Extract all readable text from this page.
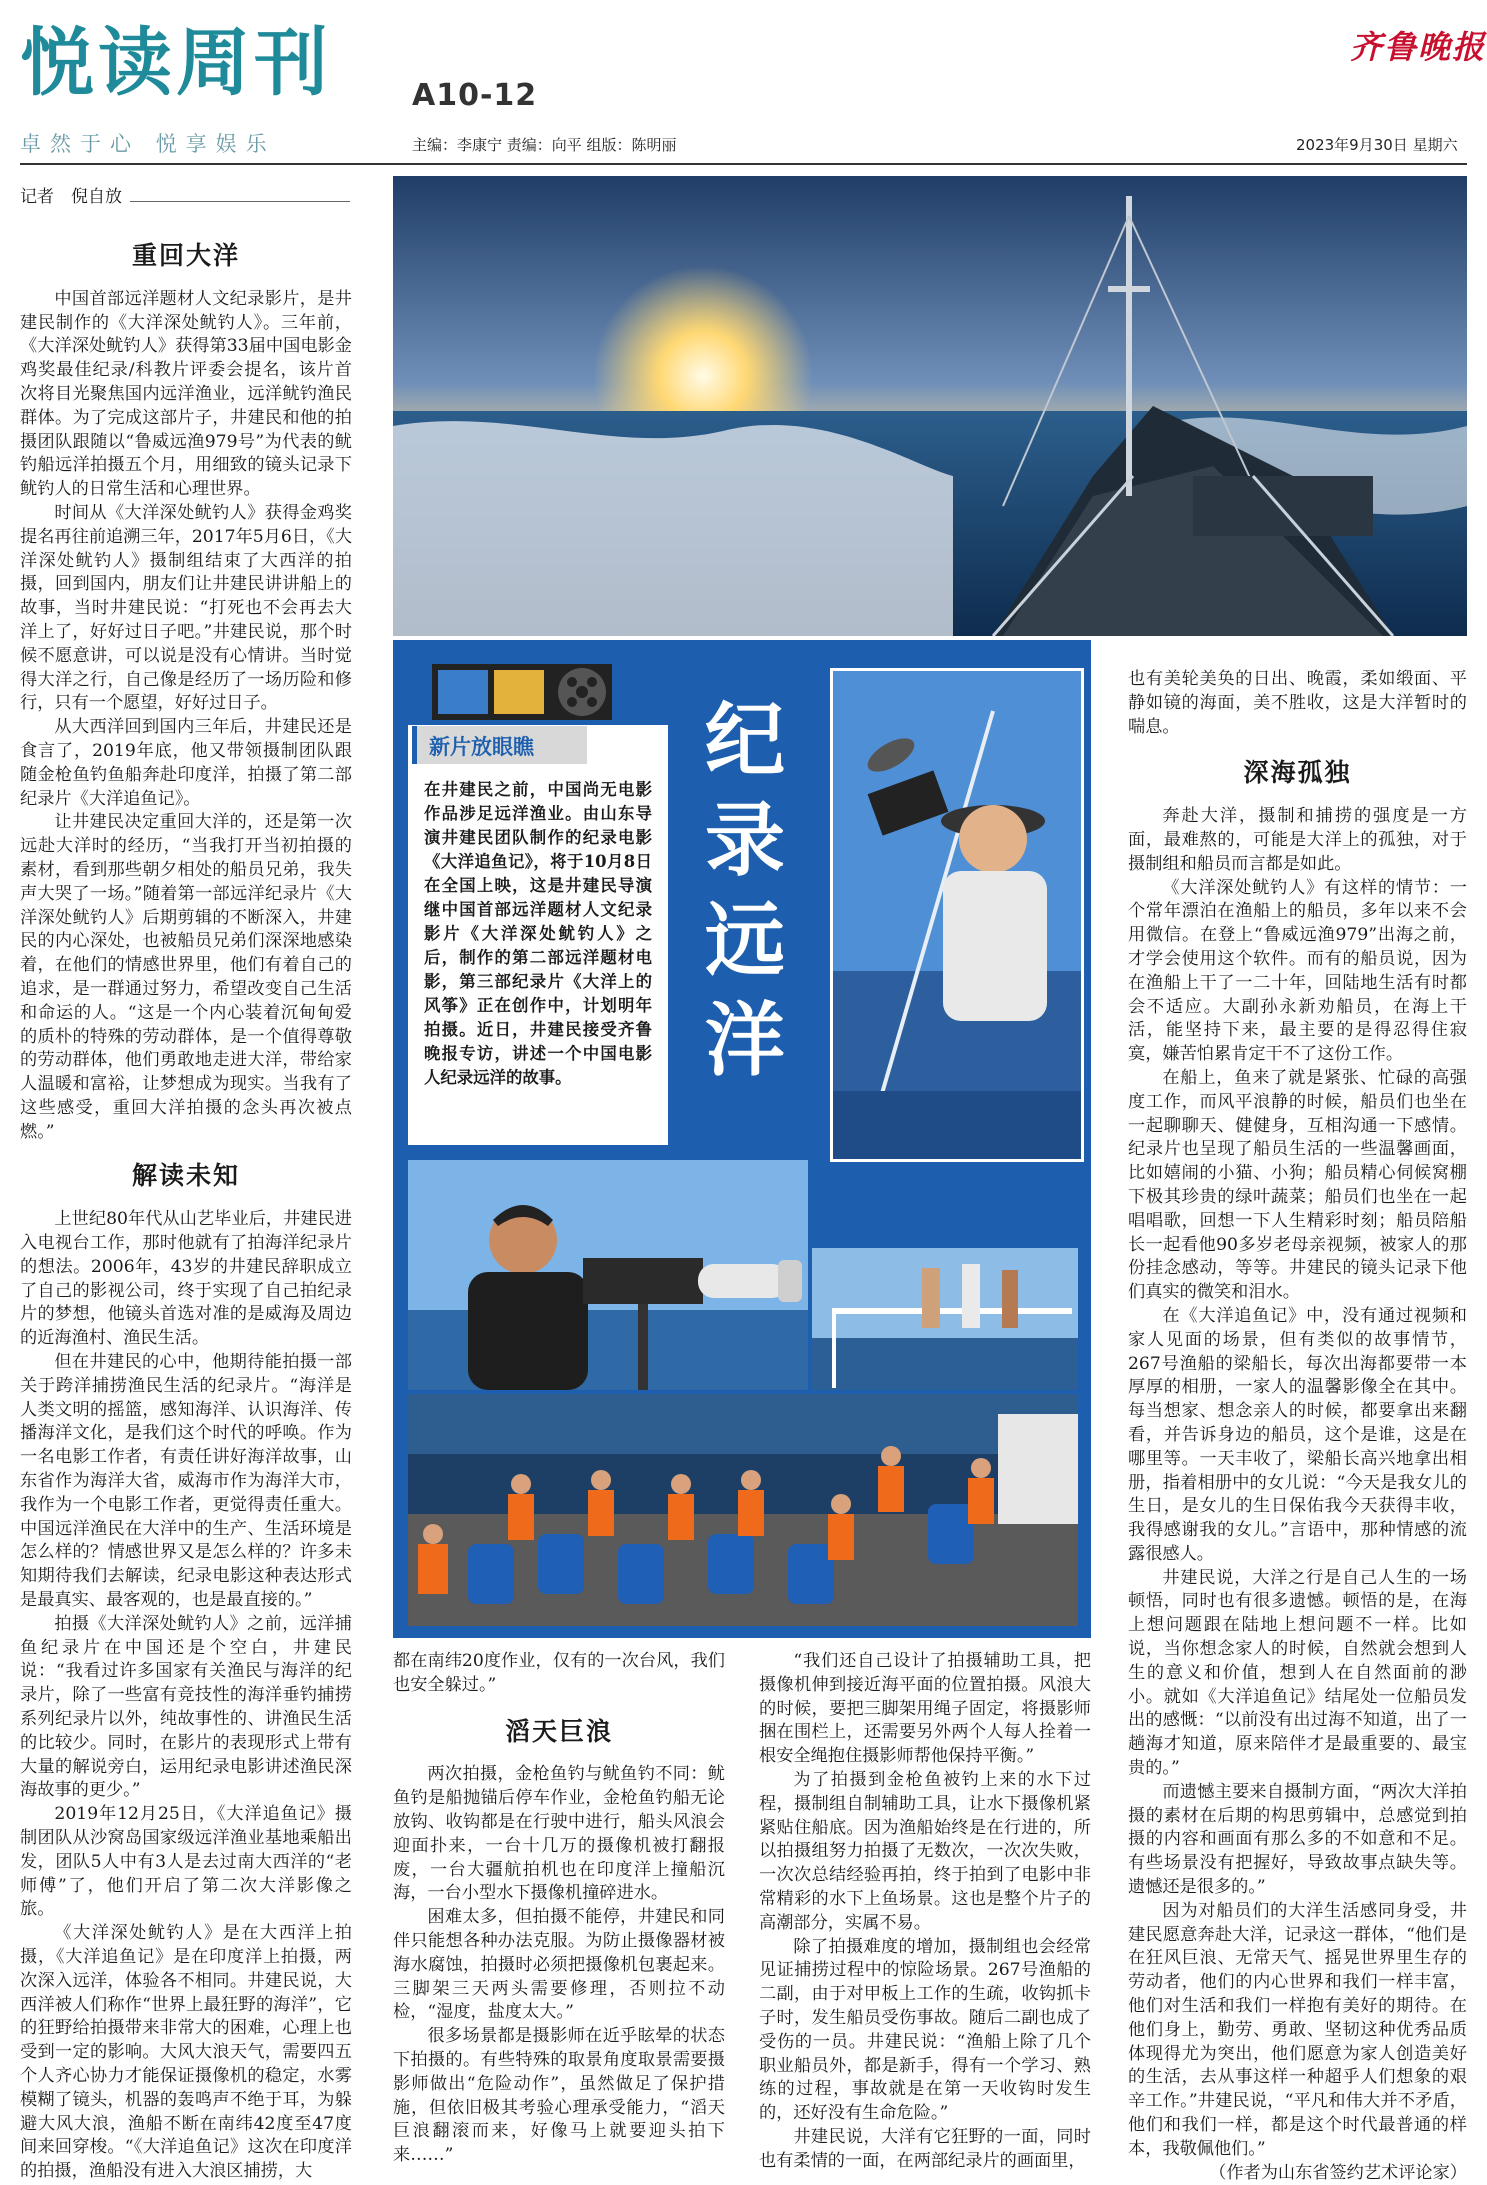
悦读周刊
卓然于心 悦享娱乐
A10-12
主编：李康宁 责编：向平 组版：陈明丽	2023年9月30日 星期六
齐鲁晚报
记者　倪自放
重回大洋

中国首部远洋题材人文纪录影片，是井建民制作的《大洋深处鱿钓人》。三年前，《大洋深处鱿钓人》获得第33届中国电影金鸡奖最佳纪录/科教片评委会提名，该片首次将目光聚焦国内远洋渔业，远洋鱿钓渔民群体。为了完成这部片子，井建民和他的拍摄团队跟随以“鲁威远渔979号”为代表的鱿钓船远洋拍摄五个月，用细致的镜头记录下鱿钓人的日常生活和心理世界。

时间从《大洋深处鱿钓人》获得金鸡奖提名再往前追溯三年，2017年5月6日，《大洋深处鱿钓人》摄制组结束了大西洋的拍摄，回到国内，朋友们让井建民讲讲船上的故事，当时井建民说：“打死也不会再去大洋上了，好好过日子吧。”井建民说，那个时候不愿意讲，可以说是没有心情讲。当时觉得大洋之行，自己像是经历了一场历险和修行，只有一个愿望，好好过日子。

从大西洋回到国内三年后，井建民还是食言了，2019年底，他又带领摄制团队跟随金枪鱼钓鱼船奔赴印度洋，拍摄了第二部纪录片《大洋追鱼记》。

让井建民决定重回大洋的，还是第一次远赴大洋时的经历，“当我打开当初拍摄的素材，看到那些朝夕相处的船员兄弟，我失声大哭了一场。”随着第一部远洋纪录片《大洋深处鱿钓人》后期剪辑的不断深入，井建民的内心深处，也被船员兄弟们深深地感染着，在他们的情感世界里，他们有着自己的追求，是一群通过努力，希望改变自己生活和命运的人。“这是一个内心装着沉甸甸爱的质朴的特殊的劳动群体，是一个值得尊敬的劳动群体，他们勇敢地走进大洋，带给家人温暖和富裕，让梦想成为现实。当我有了这些感受，重回大洋拍摄的念头再次被点燃。”

解读未知

上世纪80年代从山艺毕业后，井建民进入电视台工作，那时他就有了拍海洋纪录片的想法。2006年，43岁的井建民辞职成立了自己的影视公司，终于实现了自己拍纪录片的梦想，他镜头首选对准的是威海及周边的近海渔村、渔民生活。

但在井建民的心中，他期待能拍摄一部关于跨洋捕捞渔民生活的纪录片。“海洋是人类文明的摇篮，感知海洋、认识海洋、传播海洋文化，是我们这个时代的呼唤。作为一名电影工作者，有责任讲好海洋故事，山东省作为海洋大省，威海市作为海洋大市，我作为一个电影工作者，更觉得责任重大。中国远洋渔民在大洋中的生产、生活环境是怎么样的？情感世界又是怎么样的？许多未知期待我们去解读，纪录电影这种表达形式是最真实、最客观的，也是最直接的。”

拍摄《大洋深处鱿钓人》之前，远洋捕鱼纪录片在中国还是个空白，井建民说：“我看过许多国家有关渔民与海洋的纪录片，除了一些富有竞技性的海洋垂钓捕捞系列纪录片以外，纯故事性的、讲渔民生活的比较少。同时，在影片的表现形式上带有大量的解说旁白，运用纪录电影讲述渔民深海故事的更少。”

2019年12月25日，《大洋追鱼记》摄制团队从沙窝岛国家级远洋渔业基地乘船出发，团队5人中有3人是去过南大西洋的“老师傅”了，他们开启了第二次大洋影像之旅。

《大洋深处鱿钓人》是在大西洋上拍摄，《大洋追鱼记》是在印度洋上拍摄，两次深入远洋，体验各不相同。井建民说，大西洋被人们称作“世界上最狂野的海洋”，它的狂野给拍摄带来非常大的困难，心理上也受到一定的影响。大风大浪天气，需要四五个人齐心协力才能保证摄像机的稳定，水雾模糊了镜头，机器的轰鸣声不绝于耳，为躲避大风大浪，渔船不断在南纬42度至47度间来回穿梭。“《大洋追鱼记》这次在印度洋的拍摄，渔船没有进入大浪区捕捞，大

新片放眼瞧
在井建民之前，中国尚无电影作品涉足远洋渔业。由山东导演井建民团队制作的纪录电影《大洋追鱼记》，将于10月8日在全国上映，这是井建民导演继中国首部远洋题材人文纪录影片《大洋深处鱿钓人》之后，制作的第二部远洋题材电影，第三部纪录片《大洋上的风筝》正在创作中，计划明年拍摄。近日，井建民接受齐鲁晚报专访，讲述一个中国电影人纪录远洋的故事。
纪录远洋

都在南纬20度作业，仅有的一次台风，我们也安全躲过。”

滔天巨浪

两次拍摄，金枪鱼钓与鱿鱼钓不同：鱿鱼钓是船抛锚后停车作业，金枪鱼钓船无论放钩、收钩都是在行驶中进行，船头风浪会迎面扑来，一台十几万的摄像机被打翻报废，一台大疆航拍机也在印度洋上撞船沉海，一台小型水下摄像机撞碎进水。

困难太多，但拍摄不能停，井建民和同伴只能想各种办法克服。为防止摄像器材被海水腐蚀，拍摄时必须把摄像机包裹起来。三脚架三天两头需要修理，否则拉不动检，“湿度，盐度太大。”

很多场景都是摄影师在近乎眩晕的状态下拍摄的。有些特殊的取景角度取景需要摄影师做出“危险动作”，虽然做足了保护措施，但依旧极其考验心理承受能力，“滔天巨浪翻滚而来，好像马上就要迎头拍下来……”

“我们还自己设计了拍摄辅助工具，把摄像机伸到接近海平面的位置拍摄。风浪大的时候，要把三脚架用绳子固定，将摄影师捆在围栏上，还需要另外两个人每人拴着一根安全绳抱住摄影师帮他保持平衡。”

为了拍摄到金枪鱼被钓上来的水下过程，摄制组自制辅助工具，让水下摄像机紧紧贴住船底。因为渔船始终是在行进的，所以拍摄组努力拍摄了无数次，一次次失败，一次次总结经验再拍，终于拍到了电影中非常精彩的水下上鱼场景。这也是整个片子的高潮部分，实属不易。

除了拍摄难度的增加，摄制组也会经常见证捕捞过程中的惊险场景。267号渔船的二副，由于对甲板上工作的生疏，收钩抓卡子时，发生船员受伤事故。随后二副也成了受伤的一员。井建民说：“渔船上除了几个职业船员外，都是新手，得有一个学习、熟练的过程，事故就是在第一天收钩时发生的，还好没有生命危险。”

井建民说，大洋有它狂野的一面，同时也有柔情的一面，在两部纪录片的画面里，

也有美轮美奂的日出、晚霞，柔如缎面、平静如镜的海面，美不胜收，这是大洋暂时的喘息。

深海孤独

奔赴大洋，摄制和捕捞的强度是一方面，最难熬的，可能是大洋上的孤独，对于摄制组和船员而言都是如此。

《大洋深处鱿钓人》有这样的情节：一个常年漂泊在渔船上的船员，多年以来不会用微信。在登上“鲁威远渔979”出海之前，才学会使用这个软件。而有的船员说，因为在渔船上干了一二十年，回陆地生活有时都会不适应。大副孙永新劝船员，在海上干活，能坚持下来，最主要的是得忍得住寂寞，嫌苦怕累肯定干不了这份工作。

在船上，鱼来了就是紧张、忙碌的高强度工作，而风平浪静的时候，船员们也坐在一起聊聊天、健健身，互相沟通一下感情。纪录片也呈现了船员生活的一些温馨画面，比如嬉闹的小猫、小狗；船员精心伺候窝棚下极其珍贵的绿叶蔬菜；船员们也坐在一起唱唱歌，回想一下人生精彩时刻；船员陪船长一起看他90多岁老母亲视频，被家人的那份挂念感动，等等。井建民的镜头记录下他们真实的微笑和泪水。

在《大洋追鱼记》中，没有通过视频和家人见面的场景，但有类似的故事情节，267号渔船的梁船长，每次出海都要带一本厚厚的相册，一家人的温馨影像全在其中。每当想家、想念亲人的时候，都要拿出来翻看，并告诉身边的船员，这个是谁，这是在哪里等。一天丰收了，梁船长高兴地拿出相册，指着相册中的女儿说：“今天是我女儿的生日，是女儿的生日保佑我今天获得丰收，我得感谢我的女儿。”言语中，那种情感的流露很感人。

井建民说，大洋之行是自己人生的一场顿悟，同时也有很多遗憾。顿悟的是，在海上想问题跟在陆地上想问题不一样。比如说，当你想念家人的时候，自然就会想到人生的意义和价值，想到人在自然面前的渺小。就如《大洋追鱼记》结尾处一位船员发出的感慨：“以前没有出过海不知道，出了一趟海才知道，原来陪伴才是最重要的、最宝贵的。”

而遗憾主要来自摄制方面，“两次大洋拍摄的素材在后期的构思剪辑中，总感觉到拍摄的内容和画面有那么多的不如意和不足。有些场景没有把握好，导致故事点缺失等。遗憾还是很多的。”

因为对船员们的大洋生活感同身受，井建民愿意奔赴大洋，记录这一群体，“他们是在狂风巨浪、无常天气、摇晃世界里生存的劳动者，他们的内心世界和我们一样丰富，他们对生活和我们一样抱有美好的期待。在他们身上，勤劳、勇敢、坚韧这种优秀品质体现得尤为突出，他们愿意为家人创造美好的生活，去从事这样一种超乎人们想象的艰辛工作。”井建民说，“平凡和伟大并不矛盾，他们和我们一样，都是这个时代最普通的样本，我敬佩他们。”

（作者为山东省签约艺术评论家）
